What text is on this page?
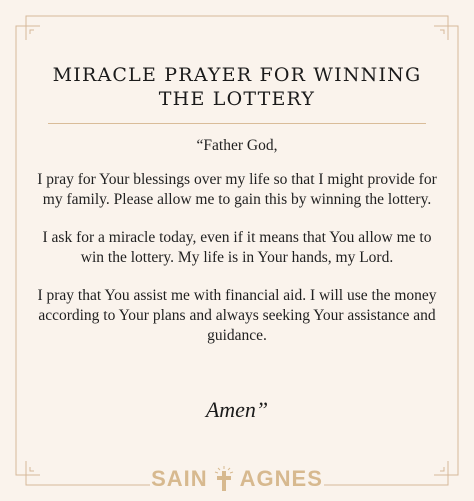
MIRACLE PRAYER FOR WINNING
THE LOTTERY

“Father God,

I pray for Your blessings over my life so that I might provide for my family. Please allow me to gain this by winning the lottery.

I ask for a miracle today, even if it means that You allow me to win the lottery. My life is in Your hands, my Lord.

I pray that You assist me with financial aid. I will use the money according to Your plans and always seeking Your assistance and guidance.

Amen”
SAIN AGNES
